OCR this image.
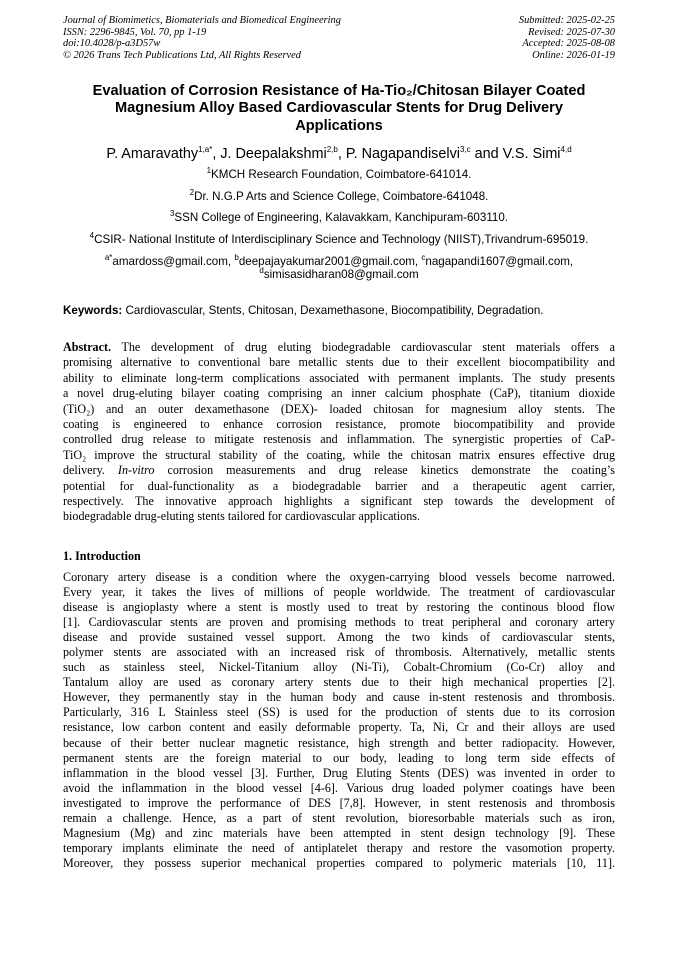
Journal of Biomimetics, Biomaterials and Biomedical Engineering
ISSN: 2296-9845, Vol. 70, pp 1-19
doi:10.4028/p-a3D57w
© 2026 Trans Tech Publications Ltd, All Rights Reserved
Submitted: 2025-02-25
Revised: 2025-07-30
Accepted: 2025-08-08
Online: 2026-01-19
Evaluation of Corrosion Resistance of Ha-Tio₂/Chitosan Bilayer Coated
Magnesium Alloy Based Cardiovascular Stents for Drug Delivery
Applications
P. Amaravathy$^{1,a*}$, J. Deepalakshmi$^{2,b}$, P. Nagapandiselvi$^{3,c}$ and V.S. Simi$^{4,d}$
$^1$KMCH Research Foundation, Coimbatore-641014.
$^2$Dr. N.G.P Arts and Science College, Coimbatore-641048.
$^3$SSN College of Engineering, Kalavakkam, Kanchipuram-603110.
$^4$CSIR- National Institute of Interdisciplinary Science and Technology (NIIST),Trivandrum-695019.
$^{a*}$amardoss@gmail.com, $^b$deepajayakumar2001@gmail.com, $^c$nagapandi1607@gmail.com,
$^d$simisasidharan08@gmail.com
Keywords: Cardiovascular, Stents, Chitosan, Dexamethasone, Biocompatibility, Degradation.
Abstract. The development of drug eluting biodegradable cardiovascular stent materials offers a
promising alternative to conventional bare metallic stents due to their excellent biocompatibility and
ability to eliminate long-term complications associated with permanent implants. The study presents
a novel drug-eluting bilayer coating comprising an inner calcium phosphate (CaP), titanium dioxide
(TiO₂) and an outer dexamethasone (DEX)- loaded chitosan for magnesium alloy stents. The
coating is engineered to enhance corrosion resistance, promote biocompatibility and provide
controlled drug release to mitigate restenosis and inflammation. The synergistic properties of CaP-
TiO₂ improve the structural stability of the coating, while the chitosan matrix ensures effective drug
delivery. In-vitro corrosion measurements and drug release kinetics demonstrate the coating’s
potential for dual-functionality as a biodegradable barrier and a therapeutic agent carrier,
respectively. The innovative approach highlights a significant step towards the development of
biodegradable drug-eluting stents tailored for cardiovascular applications.
1. Introduction
Coronary artery disease is a condition where the oxygen-carrying blood vessels become narrowed.
Every year, it takes the lives of millions of people worldwide. The treatment of cardiovascular
disease is angioplasty where a stent is mostly used to treat by restoring the continous blood flow
[1]. Cardiovascular stents are proven and promising methods to treat peripheral and coronary artery
disease and provide sustained vessel support. Among the two kinds of cardiovascular stents,
polymer stents are associated with an increased risk of thrombosis. Alternatively, metallic stents
such as stainless steel, Nickel-Titanium alloy (Ni-Ti), Cobalt-Chromium (Co-Cr) alloy and
Tantalum alloy are used as coronary artery stents due to their high mechanical properties [2].
However, they permanently stay in the human body and cause in-stent restenosis and thrombosis.
Particularly, 316 L Stainless steel (SS) is used for the production of stents due to its corrosion
resistance, low carbon content and easily deformable property. Ta, Ni, Cr and their alloys are used
because of their better nuclear magnetic resistance, high strength and better radiopacity. However,
permanent stents are the foreign material to our body, leading to long term side effects of
inflammation in the blood vessel [3]. Further, Drug Eluting Stents (DES) was invented in order to
avoid the inflammation in the blood vessel [4-6]. Various drug loaded polymer coatings have been
investigated to improve the performance of DES [7,8]. However, in stent restenosis and thrombosis
remain a challenge. Hence, as a part of stent revolution, bioresorbable materials such as iron,
Magnesium (Mg) and zinc materials have been attempted in stent design technology [9]. These
temporary implants eliminate the need of antiplatelet therapy and restore the vasomotion property.
Moreover, they possess superior mechanical properties compared to polymeric materials [10, 11].
